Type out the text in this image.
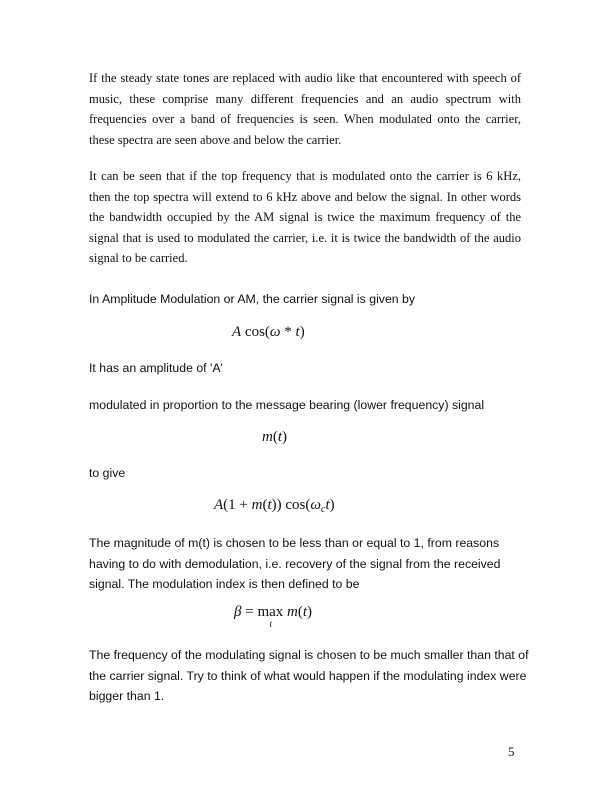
If the steady state tones are replaced with audio like that encountered with speech of music, these comprise many different frequencies and an audio spectrum with frequencies over a band of frequencies is seen. When modulated onto the carrier, these spectra are seen above and below the carrier.

It can be seen that if the top frequency that is modulated onto the carrier is 6 kHz, then the top spectra will extend to 6 kHz above and below the signal. In other words the bandwidth occupied by the AM signal is twice the maximum frequency of the signal that is used to modulated the carrier, i.e. it is twice the bandwidth of the audio signal to be carried.

In Amplitude Modulation or AM, the carrier signal is given by

A cos(ω * t)

It has an amplitude of 'A'

modulated in proportion to the message bearing (lower frequency) signal

m(t)

to give

A(1 + m(t)) $\cos(\omega_ct)$

The magnitude of m(t) is chosen to be less than or equal to 1, from reasons having to do with demodulation, i.e. recovery of the signal from the received signal. The modulation index is then defined to be

β = max
t
m(t)

The frequency of the modulating signal is chosen to be much smaller than that of the carrier signal. Try to think of what would happen if the modulating index were bigger than 1.

5
